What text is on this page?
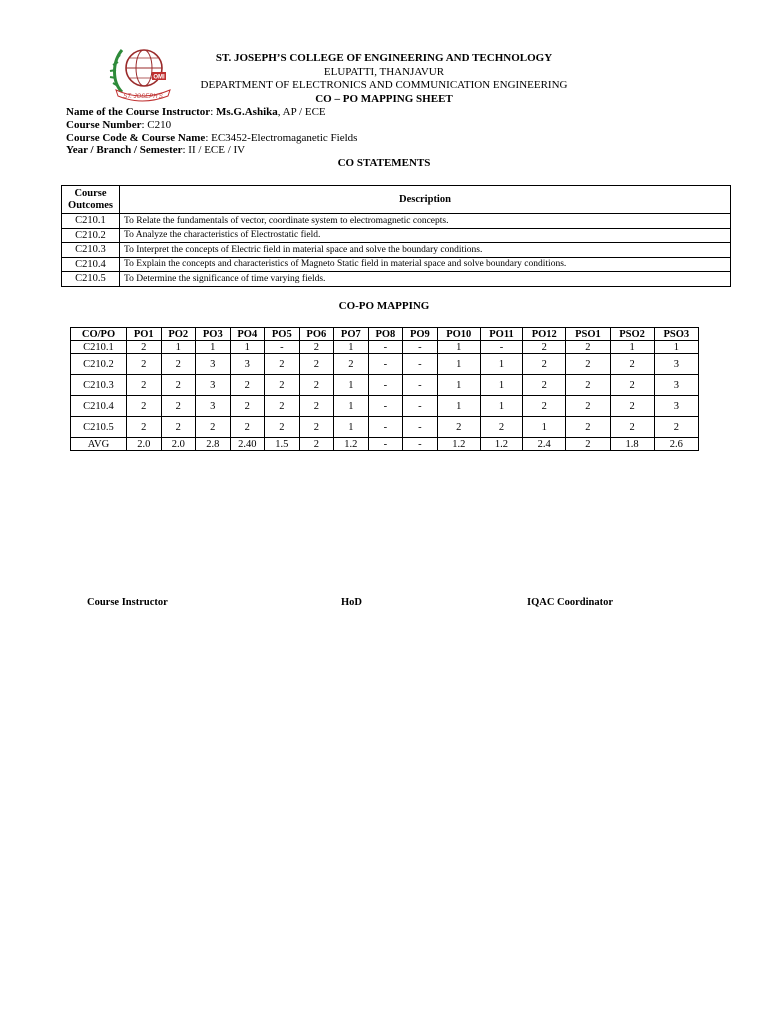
OMI
ST. JOSEPH'S
ST. JOSEPH’S COLLEGE OF ENGINEERING AND TECHNOLOGY
ELUPATTI, THANJAVUR
DEPARTMENT OF ELECTRONICS AND COMMUNICATION ENGINEERING
CO – PO MAPPING SHEET
Name of the Course Instructor: Ms.G.Ashika, AP / ECE
Course Number: C210
Course Code & Course Name: EC3452-Electromaganetic Fields
Year / Branch / Semester: II / ECE / IV
CO STATEMENTS
Course
Outcomes	Description
C210.1	To Relate the fundamentals of vector, coordinate system to electromagnetic concepts.
C210.2	To Analyze the characteristics of Electrostatic field.
C210.3	To Interpret the concepts of Electric field in material space and solve the boundary conditions.
C210.4	To Explain the concepts and characteristics of Magneto Static field in material space and solve boundary conditions.
C210.5	To Determine the significance of time varying fields.
CO-PO MAPPING
CO/PO	PO1	PO2	PO3	PO4	PO5	PO6	PO7	PO8	PO9	PO10	PO11	PO12	PSO1	PSO2	PSO3
C210.1	2	1	1	1	-	2	1	-	-	1	-	2	2	1	1
C210.2	2	2	3	3	2	2	2	-	-	1	1	2	2	2	3
C210.3	2	2	3	2	2	2	1	-	-	1	1	2	2	2	3
C210.4	2	2	3	2	2	2	1	-	-	1	1	2	2	2	3
C210.5	2	2	2	2	2	2	1	-	-	2	2	1	2	2	2
AVG	2.0	2.0	2.8	2.40	1.5	2	1.2	-	-	1.2	1.2	2.4	2	1.8	2.6
Course Instructor	HoD	IQAC Coordinator
